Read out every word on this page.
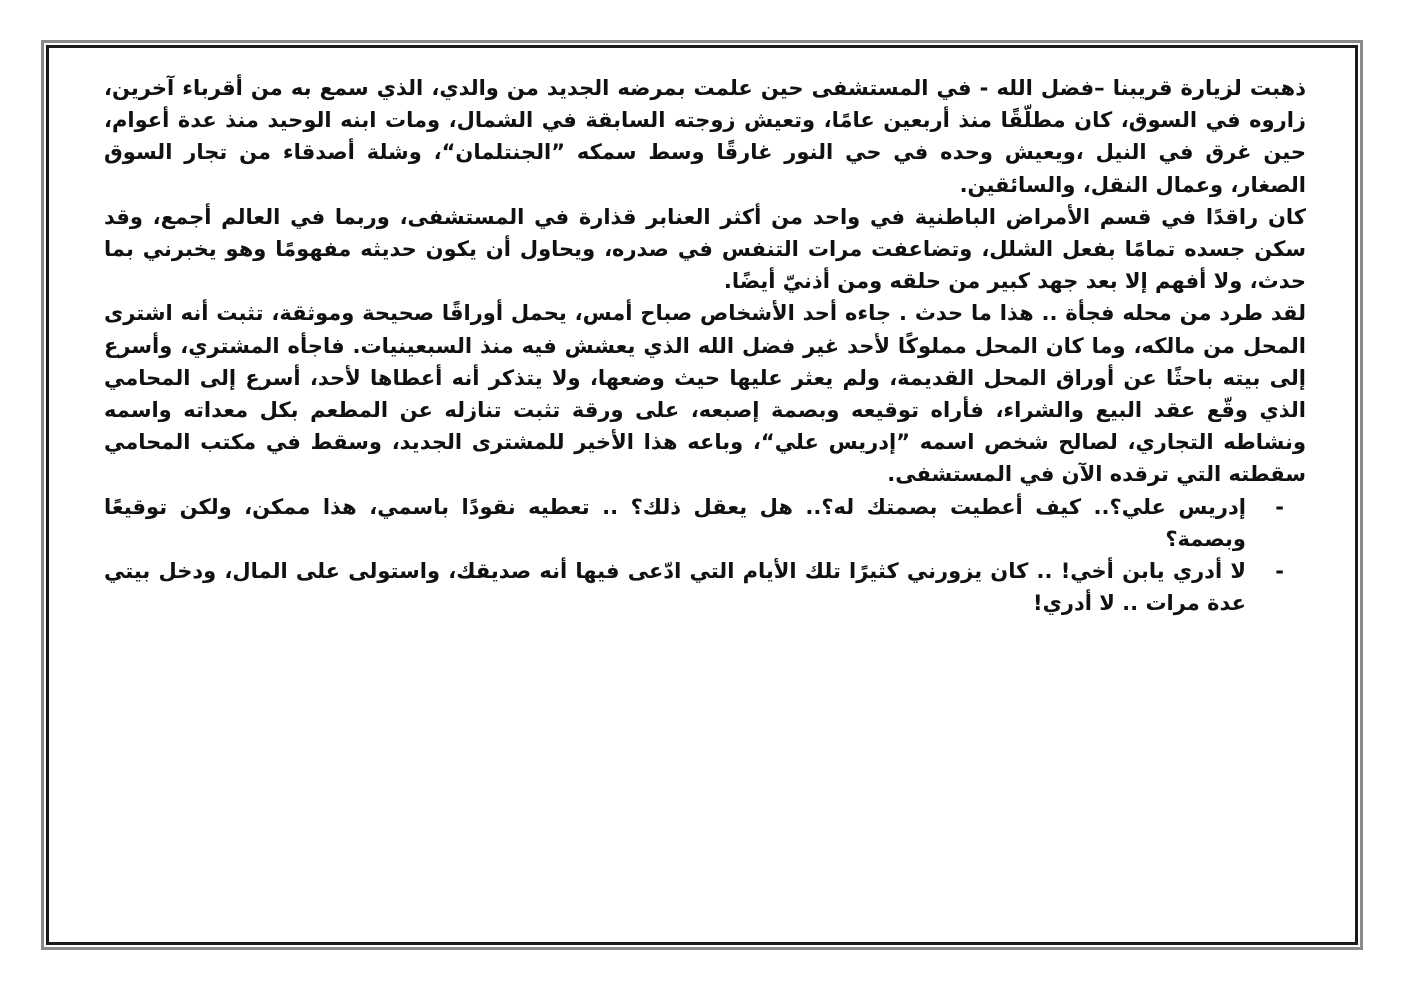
ذهبت لزيارة قريبنا –فضل الله - في المستشفى حين علمت بمرضه الجديد من والدي، الذي سمع به من أقرباء آخرين، زاروه في السوق، كان مطلّقًا منذ أربعين عامًا، وتعيش زوجته السابقة في الشمال، ومات ابنه الوحيد منذ عدة أعوام، حين غرق في النيل ،ويعيش وحده في حي النور غارقًا وسط سمكه ”الجنتلمان“، وشلة أصدقاء من تجار السوق الصغار، وعمال النقل، والسائقين.

كان راقدًا في قسم الأمراض الباطنية في واحد من أكثر العنابر قذارة في المستشفى، وربما في العالم أجمع، وقد سكن جسده تمامًا بفعل الشلل، وتضاعفت مرات التنفس في صدره، ويحاول أن يكون حديثه مفهومًا وهو يخبرني بما حدث، ولا أفهم إلا بعد جهد كبير من حلقه ومن أذنيّ أيضًا.

لقد طرد من محله فجأة .. هذا ما حدث . جاءه أحد الأشخاص صباح أمس، يحمل أوراقًا صحيحة وموثقة، تثبت أنه اشترى المحل من مالكه، وما كان المحل مملوكًا لأحد غير فضل الله الذي يعشش فيه منذ السبعينيات. فاجأه المشتري، وأسرع إلى بيته باحثًا عن أوراق المحل القديمة، ولم يعثر عليها حيث وضعها، ولا يتذكر أنه أعطاها لأحد، أسرع إلى المحامي الذي وقّع عقد البيع والشراء، فأراه توقيعه وبصمة إصبعه، على ورقة تثبت تنازله عن المطعم بكل معداته واسمه ونشاطه التجاري، لصالح شخص اسمه ”إدريس علي“، وباعه هذا الأخير للمشترى الجديد، وسقط في مكتب المحامي سقطته التي ترقده الآن في المستشفى.

-
إدريس علي؟.. كيف أعطيت بصمتك له؟.. هل يعقل ذلك؟ .. تعطيه نقودًا باسمي، هذا ممكن، ولكن توقيعًا وبصمة؟
-
لا أدري يابن أخي! .. كان يزورني كثيرًا تلك الأيام التي ادّعى فيها أنه صديقك، واستولى على المال، ودخل بيتي عدة مرات .. لا أدري!
